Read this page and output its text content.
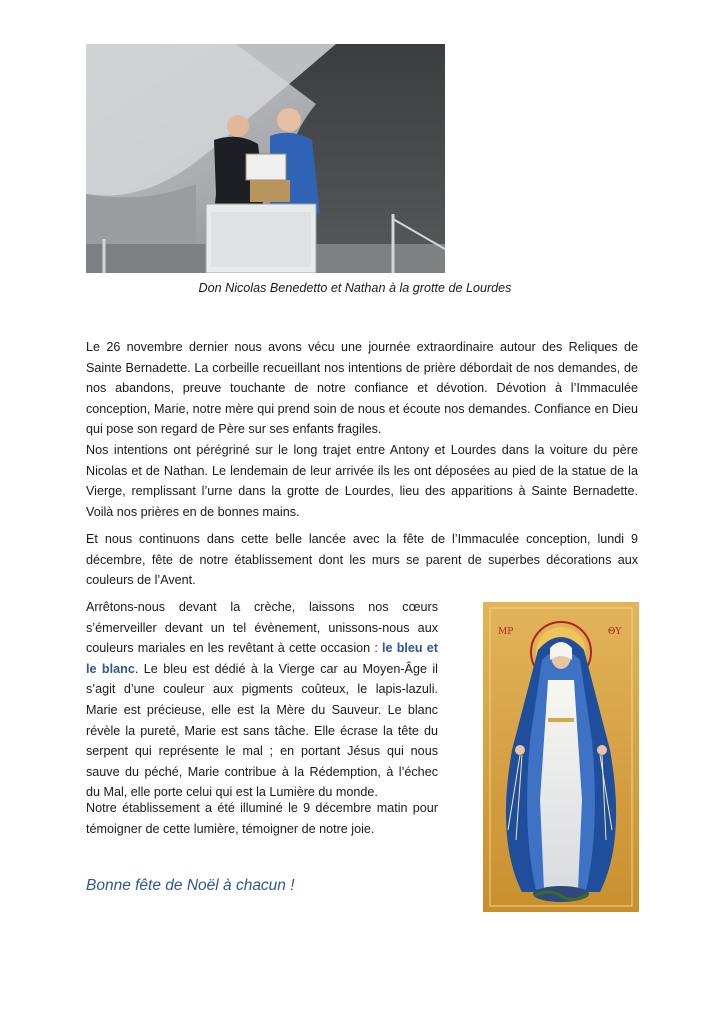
Don Nicolas Benedetto et Nathan à la grotte de Lourdes

Le 26 novembre dernier nous avons vécu une journée extraordinaire autour des Reliques de Sainte Bernadette. La corbeille recueillant nos intentions de prière débordait de nos demandes, de nos abandons, preuve touchante de notre confiance et dévotion. Dévotion à l’Immaculée conception, Marie, notre mère qui prend soin de nous et écoute nos demandes. Confiance en Dieu qui pose son regard de Père sur ses enfants fragiles.

Nos intentions ont pérégriné sur le long trajet entre Antony et Lourdes dans la voiture du père Nicolas et de Nathan. Le lendemain de leur arrivée ils les ont déposées au pied de la statue de la Vierge, remplissant l’urne dans la grotte de Lourdes, lieu des apparitions à Sainte Bernadette. Voilà nos prières en de bonnes mains.

Et nous continuons dans cette belle lancée avec la fête de l’Immaculée conception, lundi 9 décembre, fête de notre établissement dont les murs se parent de superbes décorations aux couleurs de l’Avent.

Arrêtons-nous devant la crèche, laissons nos cœurs s’émerveiller devant un tel évènement, unissons-nous aux couleurs mariales en les revêtant à cette occasion : le bleu et le blanc. Le bleu est dédié à la Vierge car au Moyen-Âge il s’agit d’une couleur aux pigments coûteux, le lapis-lazuli. Marie est précieuse, elle est la Mère du Sauveur. Le blanc révèle la pureté, Marie est sans tâche. Elle écrase la tête du serpent qui représente le mal ; en portant Jésus qui nous sauve du péché, Marie contribue à la Rédemption, à l’échec du Mal, elle porte celui qui est la Lumière du monde.

Notre établissement a été illuminé le 9 décembre matin pour témoigner de cette lumière, témoigner de notre joie.

Bonne fête de Noël à chacun !
ΜΡ	ΘΥ
